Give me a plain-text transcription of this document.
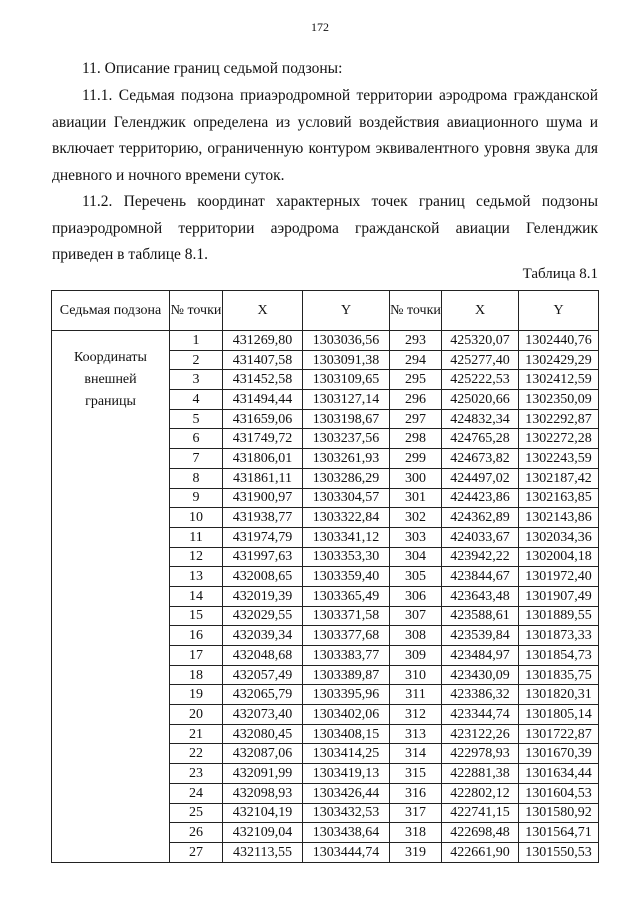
172
11. Описание границ седьмой подзоны:
11.1. Седьмая подзона приаэродромной территории аэродрома гражданской авиации Геленджик определена из условий воздействия авиационного шума и включает территорию, ограниченную контуром эквивалентного уровня звука для дневного и ночного времени суток.
11.2. Перечень координат характерных точек границ седьмой подзоны приаэродромной территории аэродрома гражданской авиации Геленджик приведен в таблице 8.1.
Таблица 8.1
Седьмая подзона	№ точки	X	Y	№ точки	X	Y

Координаты внешней границы	1	431269,80	1303036,56	293	425320,07	1302440,76
	2	431407,58	1303091,38	294	425277,40	1302429,29
	3	431452,58	1303109,65	295	425222,53	1302412,59
	4	431494,44	1303127,14	296	425020,66	1302350,09
	5	431659,06	1303198,67	297	424832,34	1302292,87
	6	431749,72	1303237,56	298	424765,28	1302272,28
	7	431806,01	1303261,93	299	424673,82	1302243,59
	8	431861,11	1303286,29	300	424497,02	1302187,42
	9	431900,97	1303304,57	301	424423,86	1302163,85
	10	431938,77	1303322,84	302	424362,89	1302143,86
	11	431974,79	1303341,12	303	424033,67	1302034,36
	12	431997,63	1303353,30	304	423942,22	1302004,18
	13	432008,65	1303359,40	305	423844,67	1301972,40
	14	432019,39	1303365,49	306	423643,48	1301907,49
	15	432029,55	1303371,58	307	423588,61	1301889,55
	16	432039,34	1303377,68	308	423539,84	1301873,33
	17	432048,68	1303383,77	309	423484,97	1301854,73
	18	432057,49	1303389,87	310	423430,09	1301835,75
	19	432065,79	1303395,96	311	423386,32	1301820,31
	20	432073,40	1303402,06	312	423344,74	1301805,14
	21	432080,45	1303408,15	313	423122,26	1301722,87
	22	432087,06	1303414,25	314	422978,93	1301670,39
	23	432091,99	1303419,13	315	422881,38	1301634,44
	24	432098,93	1303426,44	316	422802,12	1301604,53
	25	432104,19	1303432,53	317	422741,15	1301580,92
	26	432109,04	1303438,64	318	422698,48	1301564,71
	27	432113,55	1303444,74	319	422661,90	1301550,53
